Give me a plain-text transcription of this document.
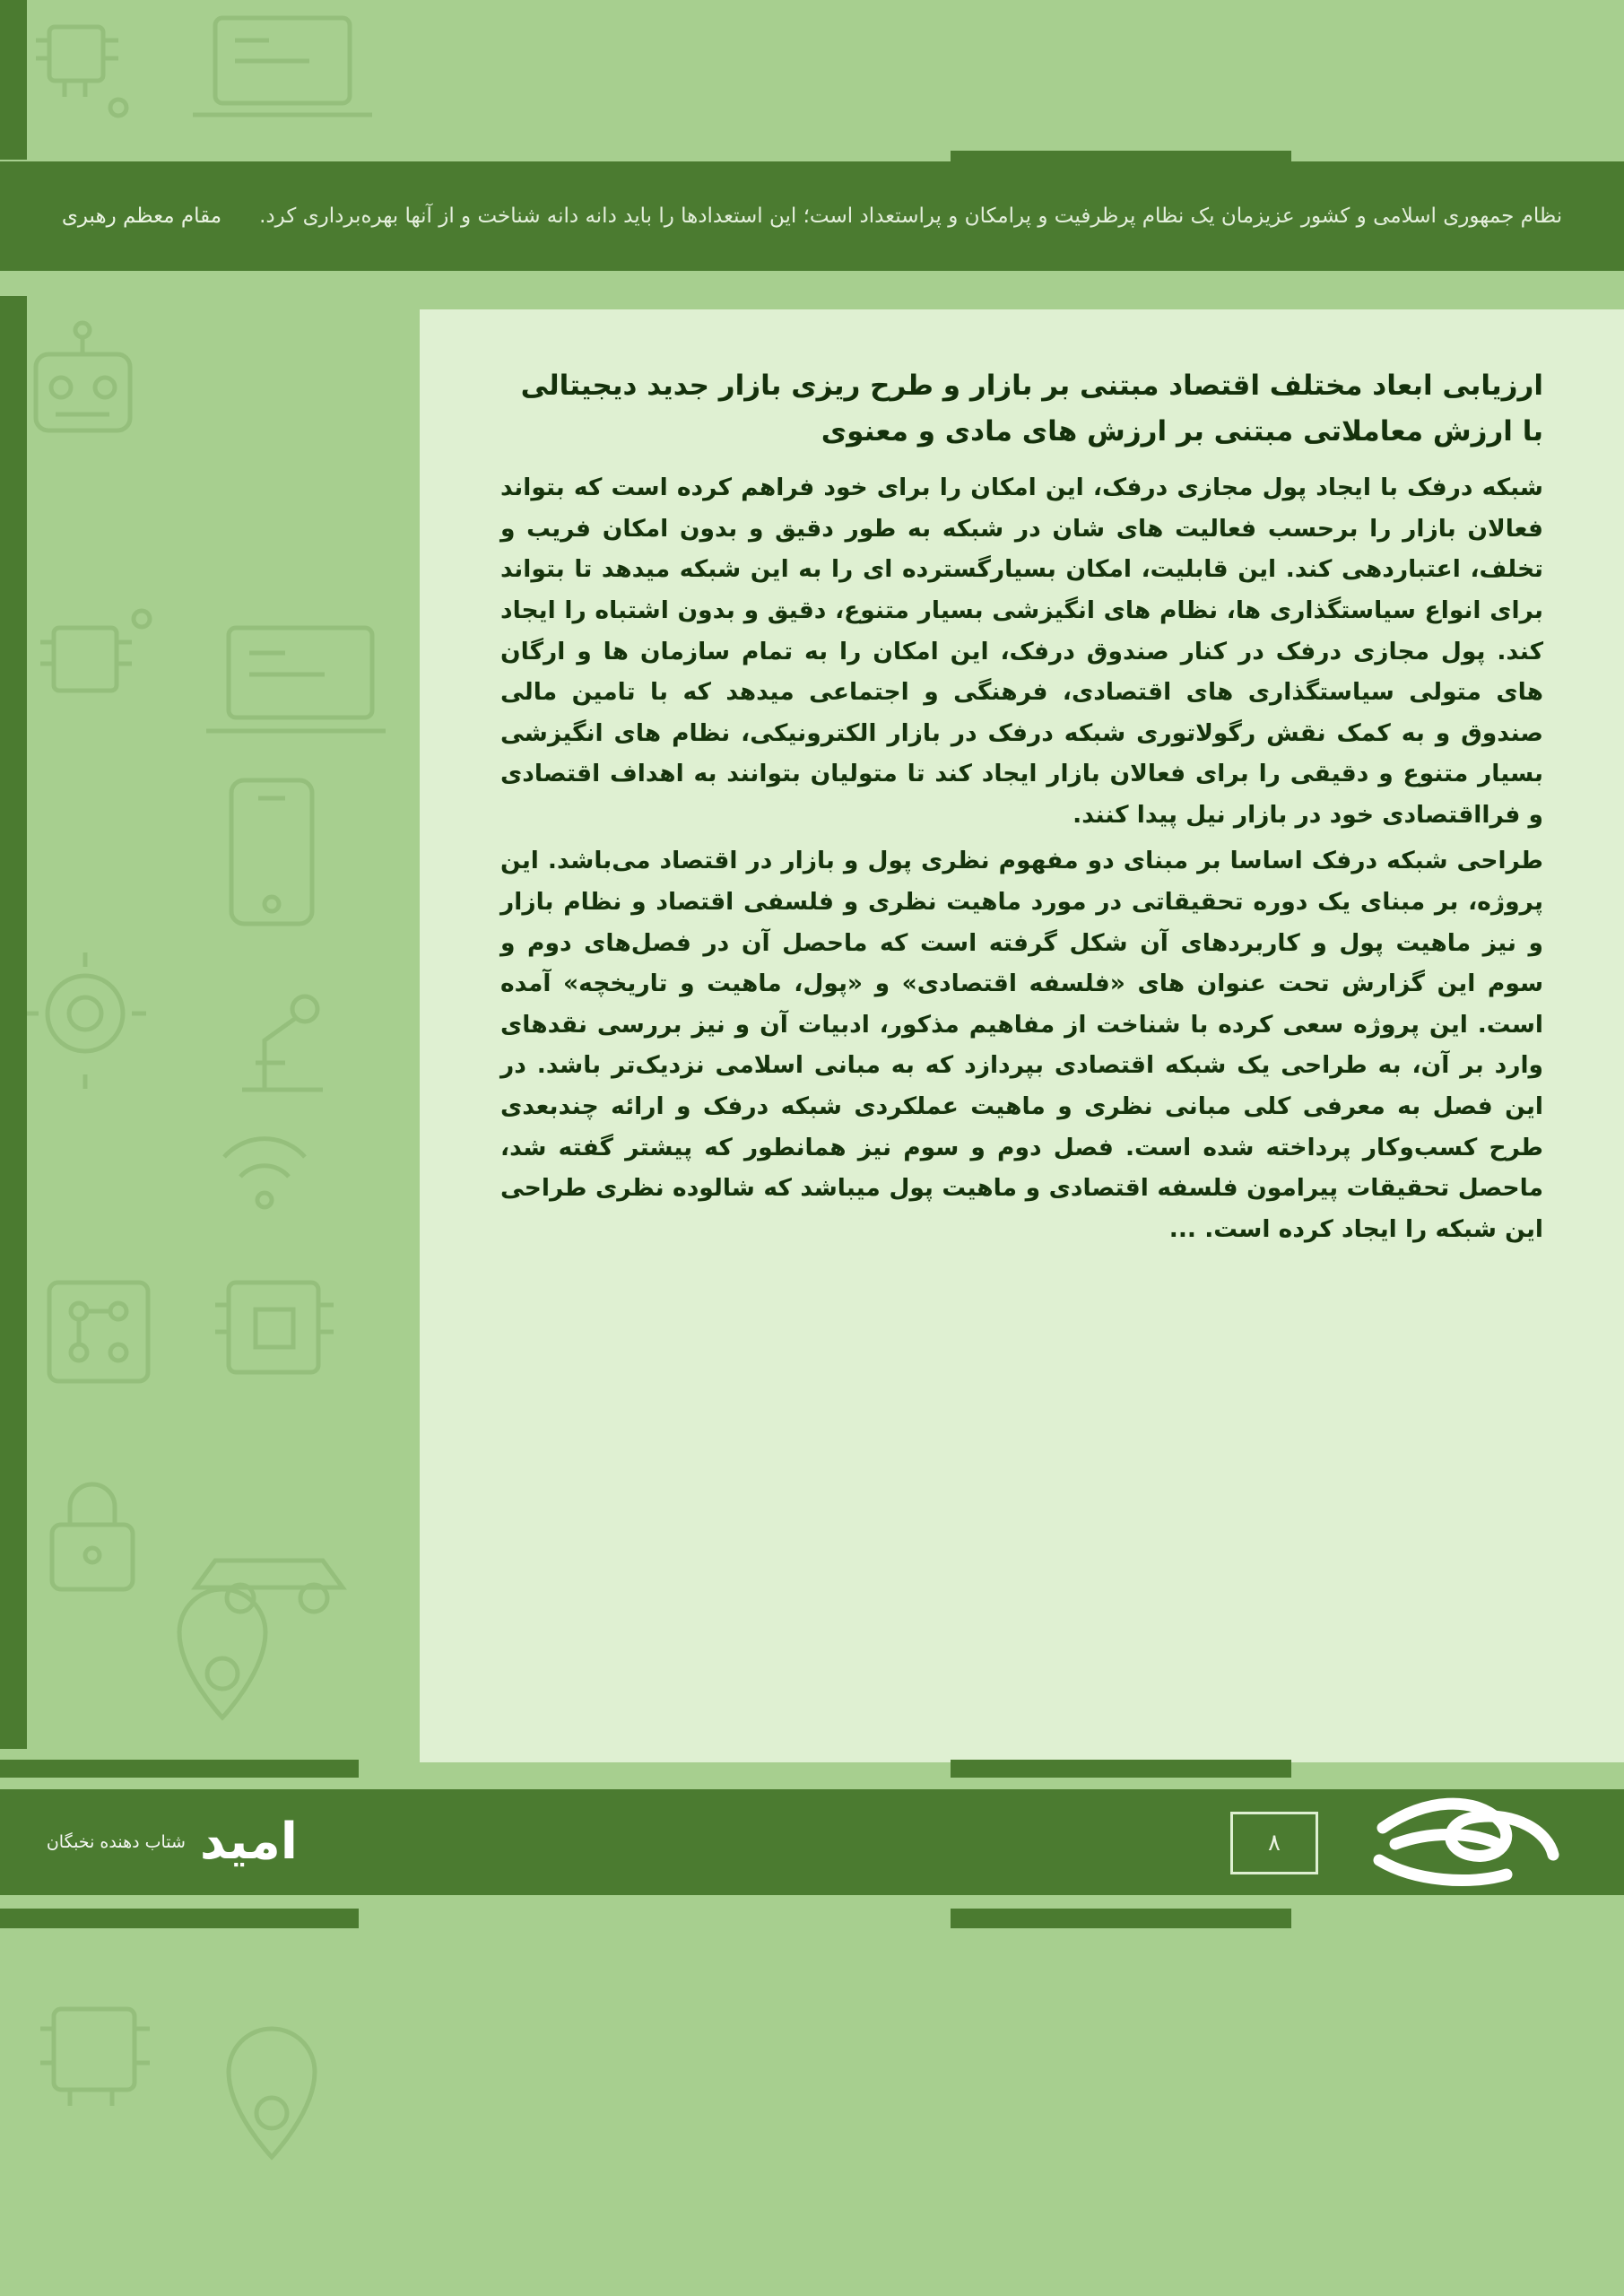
نظام جمهوری اسلامی و کشور عزیزمان یک نظام پرظرفیت و پرامکان و پراستعداد است؛ این استعدادها را باید دانه دانه شناخت و از آنها بهره‌برداری کرد.
مقام معظم رهبری
ارزیابی ابعاد مختلف اقتصاد مبتنی بر بازار و طرح ریزی بازار جدید دیجیتالی با ارزش معاملاتی مبتنی بر ارزش های مادی و معنوی

شبکه درفک با ایجاد پول مجازی درفک، این امکان را برای خود فراهم کرده است که بتواند فعالان بازار را برحسب فعالیت های شان در شبکه به طور دقیق و بدون امکان فریب و تخلف، اعتباردهی کند. این قابلیت، امکان بسیارگسترده ای را به این شبکه میدهد تا بتواند برای انواع سیاستگذاری ها، نظام های انگیزشی بسیار متنوع، دقیق و بدون اشتباه را ایجاد کند. پول مجازی درفک در کنار صندوق درفک، این امکان را به تمام سازمان ها و ارگان های متولی سیاستگذاری های اقتصادی، فرهنگی و اجتماعی میدهد که با تامین مالی صندوق و به کمک نقش رگولاتوری شبکه درفک در بازار الکترونیکی، نظام های انگیزشی بسیار متنوع و دقیقی را برای فعالان بازار ایجاد کند تا متولیان بتوانند به اهداف اقتصادی و فرااقتصادی خود در بازار نیل پیدا کنند.

طراحی شبکه درفک اساسا بر مبنای دو مفهوم نظری پول و بازار در اقتصاد می‌باشد. این پروژه، بر مبنای یک دوره تحقیقاتی در مورد ماهیت نظری و فلسفی اقتصاد و نظام بازار و نیز ماهیت پول و کاربردهای آن شکل گرفته است که ماحصل آن در فصل‌های دوم و سوم این گزارش تحت عنوان های «فلسفه اقتصادی» و «پول، ماهیت و تاریخچه» آمده است. این پروژه سعی کرده با شناخت از مفاهیم مذکور، ادبیات آن و نیز بررسی نقدهای وارد بر آن، به طراحی یک شبکه اقتصادی بپردازد که به مبانی اسلامی نزدیک‌تر باشد. در این فصل به معرفی کلی مبانی نظری و ماهیت عملکردی شبکه درفک و ارائه چندبعدی طرح کسب‌وکار پرداخته شده است. فصل دوم و سوم نیز همانطور که پیشتر گفته شد، ماحصل تحقیقات پیرامون فلسفه اقتصادی و ماهیت پول میباشد که شالوده نظری طراحی این شبکه را ایجاد کرده است. ...

امید
شتاب دهنده نخبگان	۸
